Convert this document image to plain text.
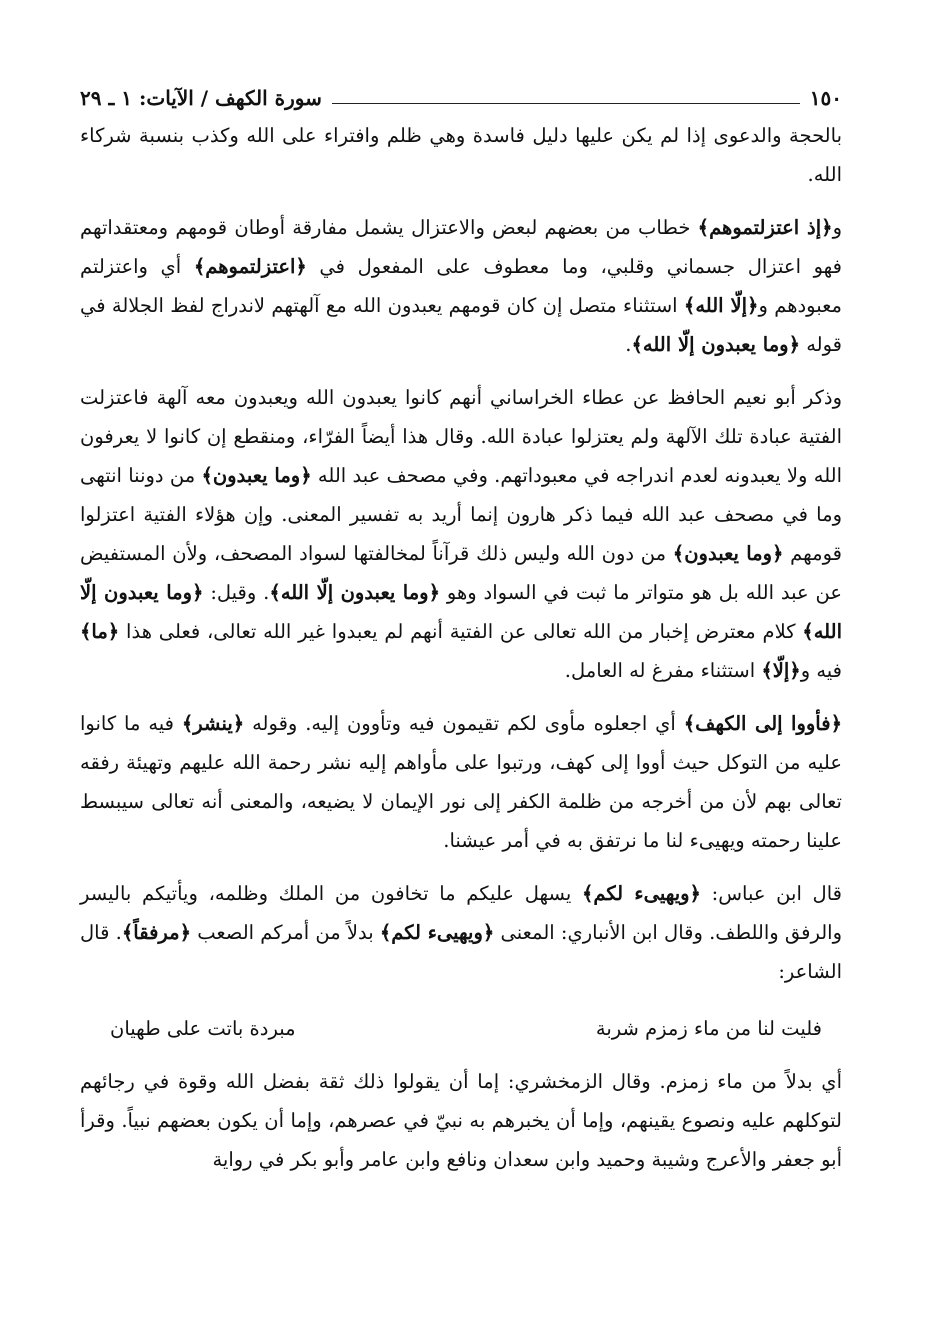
١٥٠
سورة الكهف / الآيات: ١ ـ ٢٩

بالحجة والدعوى إذا لم يكن عليها دليل فاسدة وهي ظلم وافتراء على الله وكذب بنسبة شركاء الله.

و﴿إذ اعتزلتموهم﴾ خطاب من بعضهم لبعض والاعتزال يشمل مفارقة أوطان قومهم ومعتقداتهم فهو اعتزال جسماني وقلبي، وما معطوف على المفعول في ﴿اعتزلتموهم﴾ أي واعتزلتم معبودهم و﴿إلّا الله﴾ استثناء متصل إن كان قومهم يعبدون الله مع آلهتهم لاندراج لفظ الجلالة في قوله ﴿وما يعبدون إلّا الله﴾.

وذكر أبو نعيم الحافظ عن عطاء الخراساني أنهم كانوا يعبدون الله ويعبدون معه آلهة فاعتزلت الفتية عبادة تلك الآلهة ولم يعتزلوا عبادة الله. وقال هذا أيضاً الفرّاء، ومنقطع إن كانوا لا يعرفون الله ولا يعبدونه لعدم اندراجه في معبوداتهم. وفي مصحف عبد الله ﴿وما يعبدون﴾ من دوننا انتهى وما في مصحف عبد الله فيما ذكر هارون إنما أريد به تفسير المعنى. وإن هؤلاء الفتية اعتزلوا قومهم ﴿وما يعبدون﴾ من دون الله وليس ذلك قرآناً لمخالفتها لسواد المصحف، ولأن المستفيض عن عبد الله بل هو متواتر ما ثبت في السواد وهو ﴿وما يعبدون إلّا الله﴾. وقيل: ﴿وما يعبدون إلّا الله﴾ كلام معترض إخبار من الله تعالى عن الفتية أنهم لم يعبدوا غير الله تعالى، فعلى هذا ﴿ما﴾ فيه و﴿إلّا﴾ استثناء مفرغ له العامل.

﴿فأووا إلى الكهف﴾ أي اجعلوه مأوى لكم تقيمون فيه وتأوون إليه. وقوله ﴿ينشر﴾ فيه ما كانوا عليه من التوكل حيث أووا إلى كهف، ورتبوا على مأواهم إليه نشر رحمة الله عليهم وتهيئة رفقه تعالى بهم لأن من أخرجه من ظلمة الكفر إلى نور الإيمان لا يضيعه، والمعنى أنه تعالى سيبسط علينا رحمته ويهيىء لنا ما نرتفق به في أمر عيشنا.

قال ابن عباس: ﴿ويهيىء لكم﴾ يسهل عليكم ما تخافون من الملك وظلمه، ويأتيكم باليسر والرفق واللطف. وقال ابن الأنباري: المعنى ﴿ويهيىء لكم﴾ بدلاً من أمركم الصعب ﴿مرفقاً﴾. قال الشاعر:

فليت لنا من ماء زمزم شربة
مبردة باتت على طهيان

أي بدلاً من ماء زمزم. وقال الزمخشري: إما أن يقولوا ذلك ثقة بفضل الله وقوة في رجائهم لتوكلهم عليه ونصوع يقينهم، وإما أن يخبرهم به نبيّ في عصرهم، وإما أن يكون بعضهم نبياً. وقرأ أبو جعفر والأعرج وشيبة وحميد وابن سعدان ونافع وابن عامر وأبو بكر في رواية
